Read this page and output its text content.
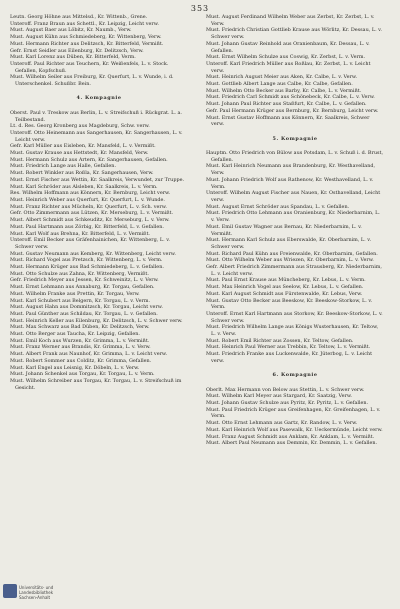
353

Leutn. Georg Höhne aus Mittelsd., Kr. Wittenb., Grene.

Unteroff. Franz Braun aus Schettl., Kr. Leipzig, Leicht verw.

Must. August Baer aus Löbitz, Kr. Naumb., Verw.

Must. August Kühn aus Schmiedeberg, Kr. Wittenberg, Verw.

Must. Hermann Richter aus Delitzsch, Kr. Bitterfeld, Vermißt.

Gefr. Ernst Seidler aus Eilenburg, Kr. Delitzsch, Verw.

Must. Karl Lorenz aus Düben, Kr. Bitterfeld, Verm.

Unteroff. Paul Richter aus Teuchern, Kr. Weißenfels, L. v. Stock. Gefallen, Kopfschuß.

Must. Wilhelm Seiler aus Freiburg, Kr. Querfurt, L. v. Wunde, i. d. Unterschenkel. Schußbr. Bein.

4. Kompagnie

Oberst. Paul v. Treskow aus Berlin, L. v. Streifschuß i. Rückgrat. L. a. Teilbestand.

Lt. d. Res. Georg Kronberg aus Magdeburg, Schw. verw.

Unteroff. Otto Heinemann aus Sangerhausen, Kr. Sangerhausen, L. v. Leicht verw.

Gefr. Karl Müller aus Eisleben, Kr. Mansfeld, L. v. Vermißt.

Must. Gustav Krause aus Hettstedt, Kr. Mansfeld, Verw.

Must. Hermann Schulz aus Artern, Kr. Sangerhausen, Gefallen.

Must. Friedrich Lange aus Halle, Gefallen.

Must. Robert Winkler aus Roßla, Kr. Sangerhausen, Verw.

Must. Ernst Fischer aus Wettin, Kr. Saalkreis, Verwundet, zur Truppe.

Must. Karl Schröder aus Alsleben, Kr. Saalkreis, L. v. Verm.

Res. Wilhelm Hoffmann aus Könnern, Kr. Bernburg, Leicht verw.

Must. Heinrich Weber aus Querfurt, Kr. Querfurt, L. v. Wunde.

Must. Franz Richter aus Mücheln, Kr. Querfurt, L. v. Sch. verw.

Gefr. Otto Zimmermann aus Lützen, Kr. Merseburg, L. v. Vermißt.

Must. Albert Schmidt aus Schkeuditz, Kr. Merseburg, L. v. Verw.

Must. Paul Hartmann aus Zörbig, Kr. Bitterfeld, L. v. Gefallen.

Must. Karl Wolf aus Brehna, Kr. Bitterfeld, L. v. Vermißt.

Unteroff. Emil Becker aus Gräfenhainichen, Kr. Wittenberg, L. v. Schwer verw.

Must. Gustav Neumann aus Kemberg, Kr. Wittenberg, Leicht verw.

Must. Richard Vogel aus Pretzsch, Kr. Wittenberg, L. v. Verm.

Must. Hermann Krüger aus Bad Schmiedeberg, L. v. Gefallen.

Must. Otto Schulze aus Zahna, Kr. Wittenberg, Vermißt.

Gefr. Friedrich Meyer aus Jessen, Kr. Schweinitz, L. v. Verw.

Must. Ernst Lehmann aus Annaburg, Kr. Torgau, Gefallen.

Must. Wilhelm Franke aus Prettin, Kr. Torgau, Verw.

Must. Karl Schubert aus Belgern, Kr. Torgau, L. v. Verm.

Must. August Hahn aus Dommitzsch, Kr. Torgau, Leicht verw.

Must. Paul Günther aus Schildau, Kr. Torgau, L. v. Gefallen.

Must. Heinrich Keller aus Eilenburg, Kr. Delitzsch, L. v. Schwer verw.

Must. Max Schwarz aus Bad Düben, Kr. Delitzsch, Verw.

Must. Otto Berger aus Taucha, Kr. Leipzig, Gefallen.

Must. Emil Koch aus Wurzen, Kr. Grimma, L. v. Vermißt.

Must. Franz Werner aus Brandis, Kr. Grimma, L. v. Verw.

Must. Albert Frank aus Naunhof, Kr. Grimma, L. v. Leicht verw.

Must. Robert Sommer aus Colditz, Kr. Grimma, Gefallen.

Must. Karl Engel aus Leisnig, Kr. Döbeln, L. v. Verw.

Must. Johann Schenkel aus Torgau, Kr. Torgau, L. v. Verm.

Must. Wilhelm Schreiber aus Torgau, Kr. Torgau, L. v. Streifschuß im Gesicht.

Must. August Ferdinand Wilhelm Weber aus Zerbst, Kr. Zerbst, L. v. Verw.

Must. Friedrich Christian Gottlieb Krause aus Wörlitz, Kr. Dessau, L. v. Schwer verw.

Must. Johann Gustav Reinhold aus Oranienbaum, Kr. Dessau, L. v. Gefallen.

Must. Ernst Wilhelm Schulze aus Coswig, Kr. Zerbst, L. v. Verm.

Unteroff. Karl Friedrich Müller aus Roßlau, Kr. Zerbst, L. v. Leicht verw.

Must. Heinrich August Meier aus Aken, Kr. Calbe, L. v. Verw.

Must. Gottlieb Albert Lange aus Calbe, Kr. Calbe, Gefallen.

Must. Wilhelm Otto Becker aus Barby, Kr. Calbe, L. v. Vermißt.

Must. Friedrich Carl Schmidt aus Schönebeck, Kr. Calbe, L. v. Verw.

Must. Johann Paul Richter aus Staßfurt, Kr. Calbe, L. v. Gefallen.

Gefr. Paul Hermann Krüger aus Bernburg, Kr. Bernburg, Leicht verw.

Must. Ernst Gustav Hoffmann aus Könnern, Kr. Saalkreis, Schwer verw.

5. Kompagnie

Hauptm. Otto Friedrich von Bülow aus Potsdam, L. v. Schuß i. d. Brust, Gefallen.

Must. Karl Heinrich Neumann aus Brandenburg, Kr. Westhavelland, Verw.

Must. Johann Friedrich Wolf aus Rathenow, Kr. Westhavelland, L. v. Verm.

Unteroff. Wilhelm August Fischer aus Nauen, Kr. Osthavelland, Leicht verw.

Must. August Ernst Schröder aus Spandau, L. v. Gefallen.

Must. Friedrich Otto Lehmann aus Oranienburg, Kr. Niederbarnim, L. v. Verw.

Must. Emil Gustav Wagner aus Bernau, Kr. Niederbarnim, L. v. Vermißt.

Must. Hermann Karl Schulz aus Eberswalde, Kr. Oberbarnim, L. v. Schwer verw.

Must. Richard Paul Kühn aus Freienwalde, Kr. Oberbarnim, Gefallen.

Must. Otto Wilhelm Weber aus Wriezen, Kr. Oberbarnim, L. v. Verw.

Gefr. Albert Friedrich Zimmermann aus Strausberg, Kr. Niederbarnim, L. v. Leicht verw.

Must. Paul Ernst Krause aus Müncheberg, Kr. Lebus, L. v. Verm.

Must. Max Heinrich Vogel aus Seelow, Kr. Lebus, L. v. Gefallen.

Must. Karl August Schmidt aus Fürstenwalde, Kr. Lebus, Verw.

Must. Gustav Otto Becker aus Beeskow, Kr. Beeskow-Storkow, L. v. Verm.

Unteroff. Ernst Karl Hartmann aus Storkow, Kr. Beeskow-Storkow, L. v. Schwer verw.

Must. Friedrich Wilhelm Lange aus Königs Wusterhausen, Kr. Teltow, L. v. Verw.

Must. Robert Emil Richter aus Zossen, Kr. Teltow, Gefallen.

Must. Heinrich Paul Werner aus Trebbin, Kr. Teltow, L. v. Vermißt.

Must. Friedrich Franke aus Luckenwalde, Kr. Jüterbog, L. v. Leicht verw.

6. Kompagnie

Oberlt. Max Hermann von Below aus Stettin, L. v. Schwer verw.

Must. Wilhelm Karl Meyer aus Stargard, Kr. Saatzig, Verw.

Must. Johann Gustav Schulze aus Pyritz, Kr. Pyritz, L. v. Gefallen.

Must. Paul Friedrich Krüger aus Greifenhagen, Kr. Greifenhagen, L. v. Verm.

Must. Otto Ernst Lehmann aus Gartz, Kr. Randow, L. v. Verw.

Must. Karl Heinrich Wolf aus Pasewalk, Kr. Ueckermünde, Leicht verw.

Must. Franz August Schmidt aus Anklam, Kr. Anklam, L. v. Vermißt.

Must. Albert Paul Neumann aus Demmin, Kr. Demmin, L. v. Gefallen.

Universitäts- und
Landesbibliothek
Sachsen-Anhalt
